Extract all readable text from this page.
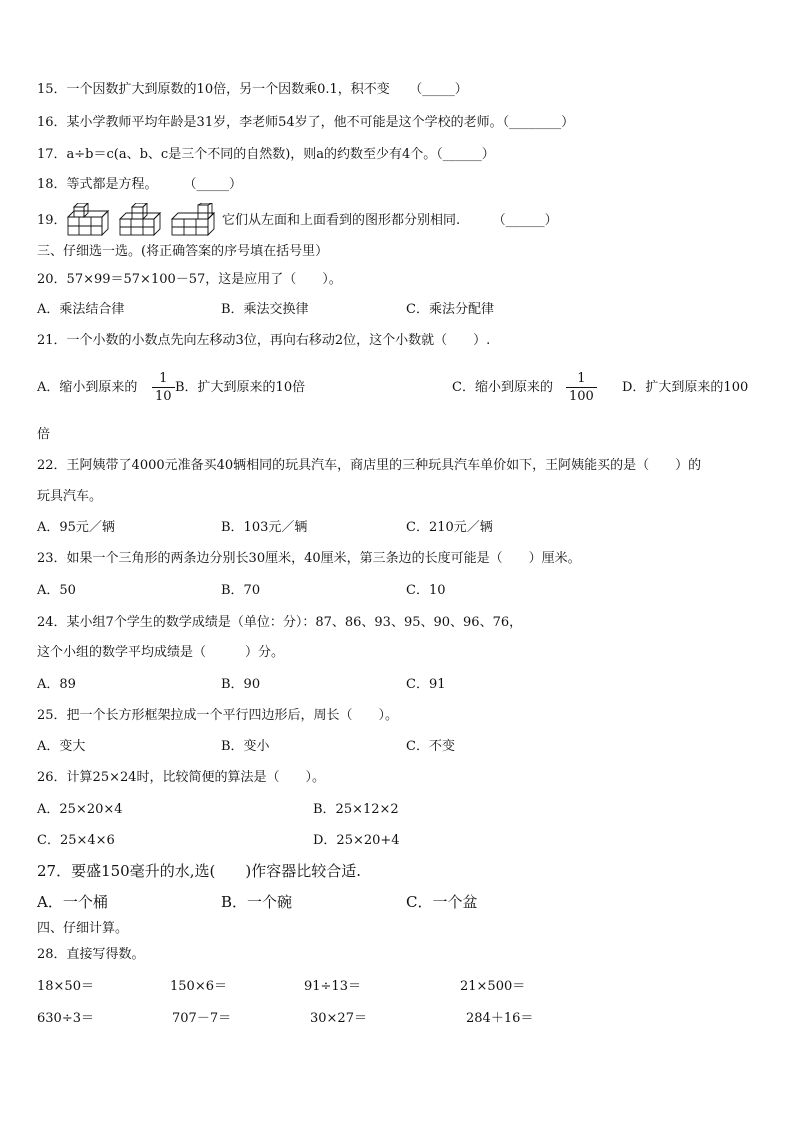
15．一个因数扩大到原数的10倍，另一个因数乘0.1，积不变　　（_____）
16．某小学教师平均年龄是31岁，李老师54岁了，他不可能是这个学校的老师。（________）
17．a÷b＝c(a、b、c是三个不同的自然数)，则a的约数至少有4个。（______）
18．等式都是方程。　　　（_____）
19．	它们从左面和上面看到的图形都分别相同.　　　（______）
三、仔细选一选。(将正确答案的序号填在括号里）
20．57×99＝57×100－57，这是应用了（　　）。
A．乘法结合律	B．乘法交换律	C．乘法分配律
21．一个小数的小数点先向左移动3位，再向右移动2位，这个小数就（　　）.
A．缩小到原来的
1
10
B．扩大到原来的10倍	C．缩小到原来的
1
100
D．扩大到原来的100
倍
22．王阿姨带了4000元准备买40辆相同的玩具汽车，商店里的三种玩具汽车单价如下，王阿姨能买的是（　　）的
玩具汽车。
A．95元／辆	B．103元／辆	C．210元／辆
23．如果一个三角形的两条边分别长30厘米，40厘米，第三条边的长度可能是（　　）厘米。
A．50	B．70	C．10
24．某小组7个学生的数学成绩是（单位：分）：87、86、93、95、90、96、76，
这个小组的数学平均成绩是（　　　）分。
A．89	B．90	C．91
25．把一个长方形框架拉成一个平行四边形后，周长（　　）。
A．变大	B．变小	C．不变
26．计算25×24时，比较简便的算法是（　　）。
A．25×20×4	B．25×12×2
C．25×4×6	D．25×20+4
27．要盛150毫升的水,选(　　)作容器比较合适.
A．一个桶	B．一个碗	C．一个盆
四、仔细计算。
28．直接写得数。
18×50＝	150×6＝	91÷13＝	21×500＝
630÷3＝	707－7＝	30×27＝	284＋16＝
